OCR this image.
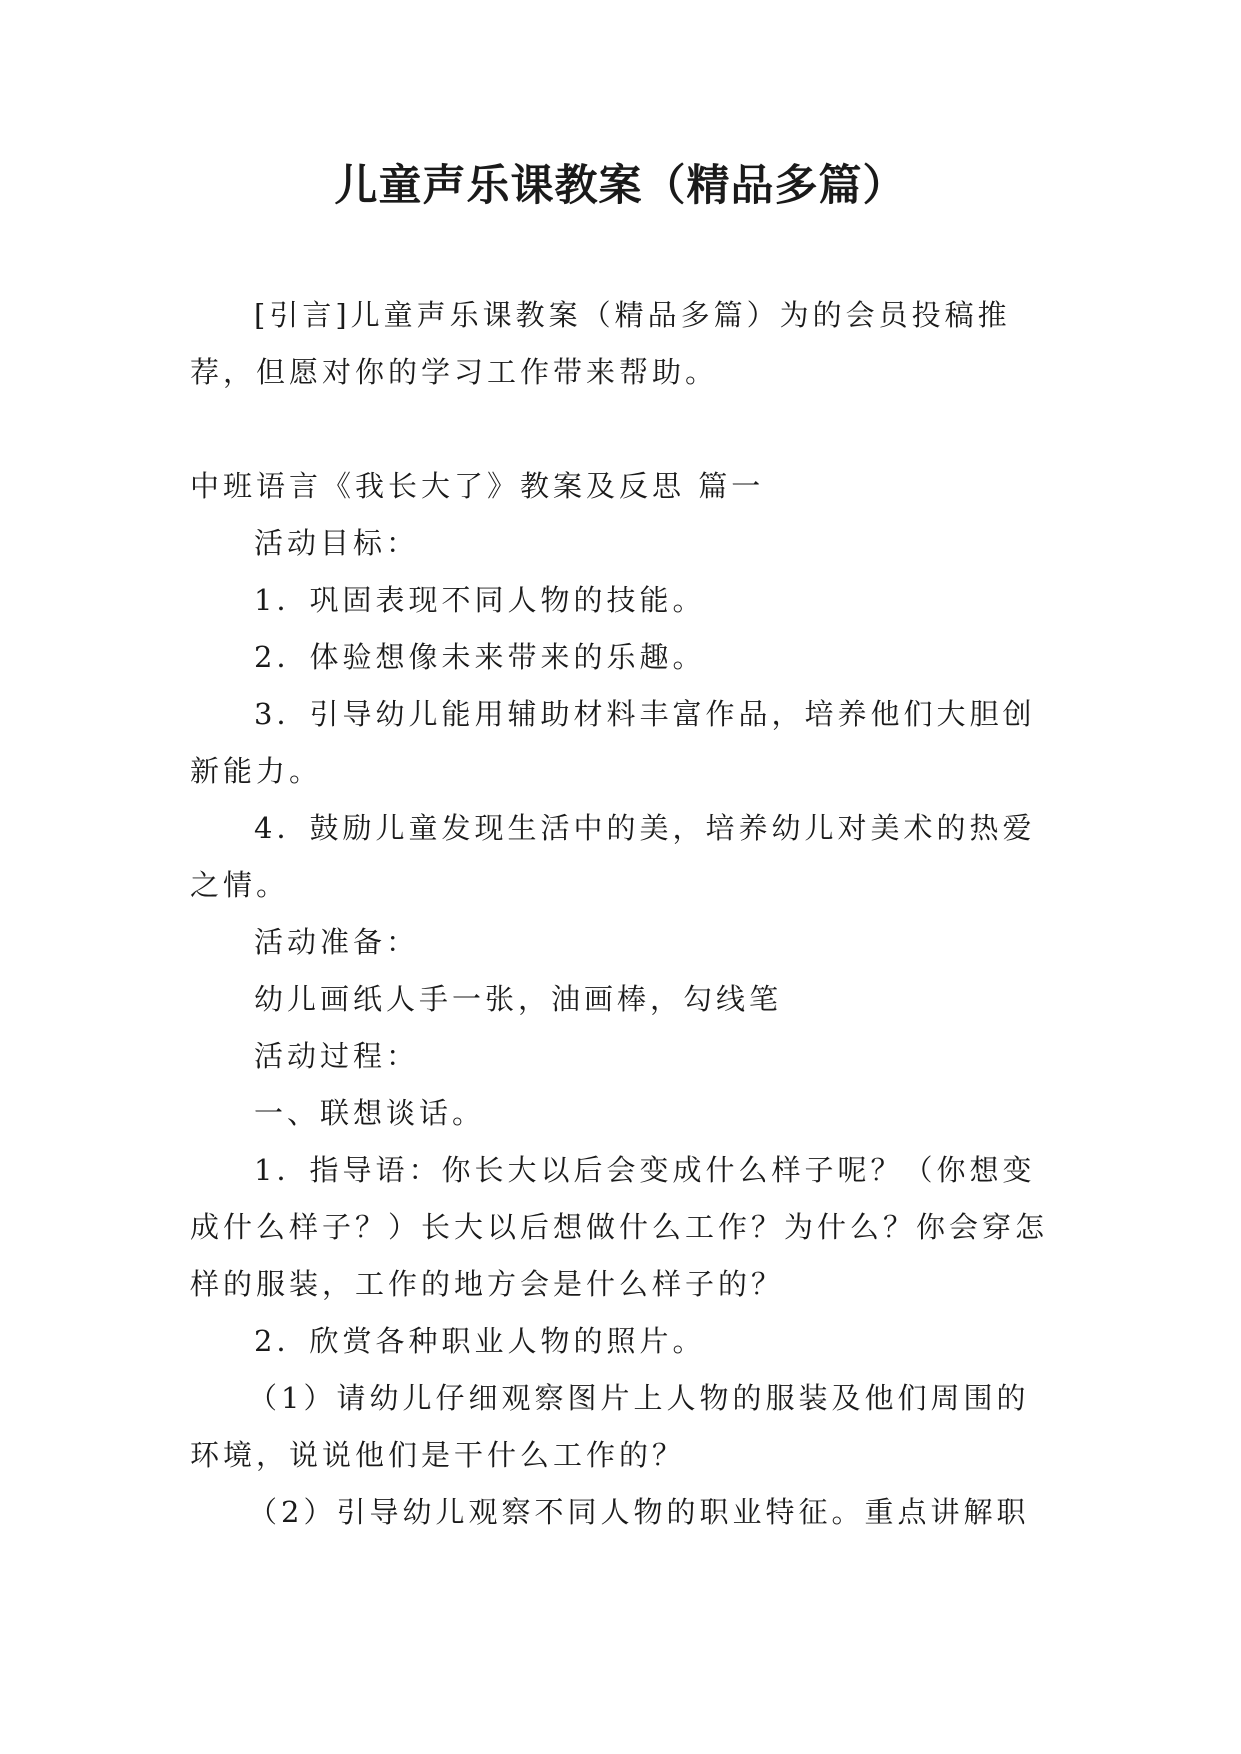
儿童声乐课教案（精品多篇）

[引言]儿童声乐课教案（精品多篇）为的会员投稿推荐，但愿对你的学习工作带来帮助。

中班语言《我长大了》教案及反思 篇一

活动目标：

1．巩固表现不同人物的技能。

2．体验想像未来带来的乐趣。

3．引导幼儿能用辅助材料丰富作品，培养他们大胆创新能力。

4．鼓励儿童发现生活中的美，培养幼儿对美术的热爱之情。

活动准备：

幼儿画纸人手一张，油画棒，勾线笔

活动过程：

一、联想谈话。

1．指导语：你长大以后会变成什么样子呢？（你想变成什么样子？）长大以后想做什么工作？为什么？你会穿怎样的服装，工作的地方会是什么样子的？

2．欣赏各种职业人物的照片。

（1）请幼儿仔细观察图片上人物的服装及他们周围的环境，说说他们是干什么工作的？

（2）引导幼儿观察不同人物的职业特征。重点讲解职
